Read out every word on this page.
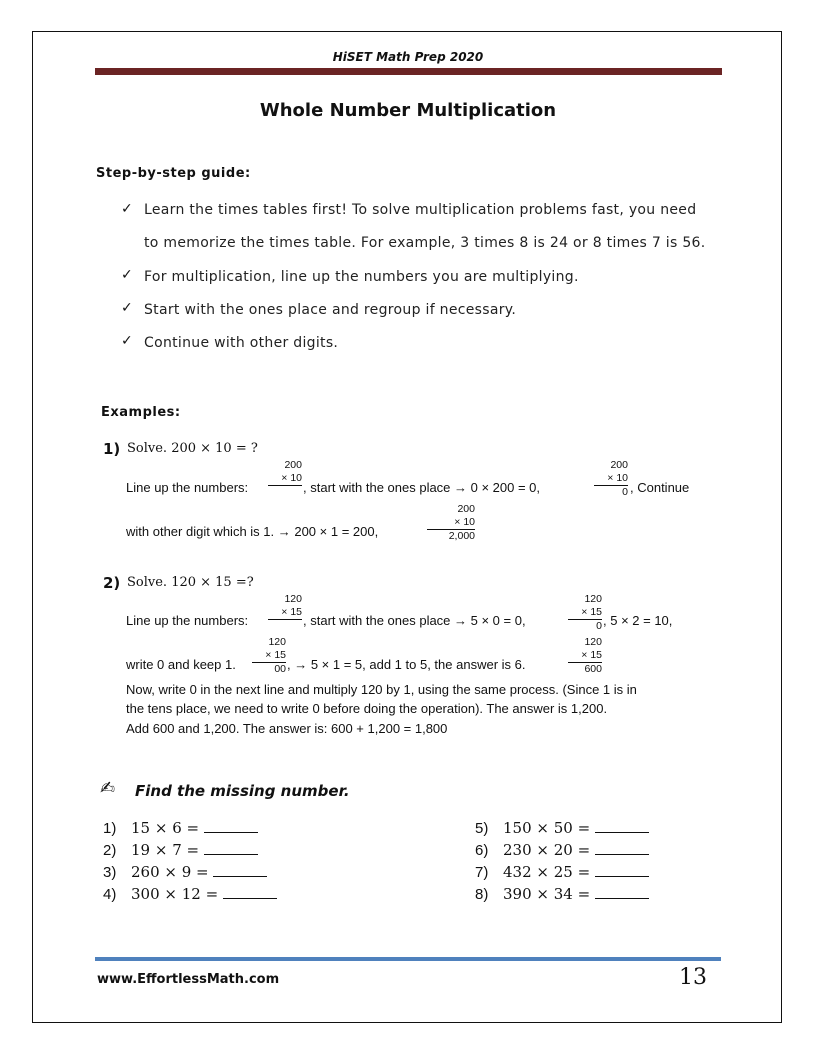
HiSET Math Prep 2020
Whole Number Multiplication
Step-by-step guide:
✓ Learn the times tables first! To solve multiplication problems fast, you need
to memorize the times table. For example, 3 times 8 is 24 or 8 times 7 is 56.
✓ For multiplication, line up the numbers you are multiplying.
✓ Start with the ones place and regroup if necessary.
✓ Continue with other digits.
Examples:
1) Solve. 200 × 10 = ?
Line up the numbers:
200
× 10
, start with the ones place → 0 × 200 = 0,
200
× 10
0 , Continue
with other digit which is 1. → 200 × 1 = 200,
200
× 10
2,000
2) Solve. 120 × 15 =?
Line up the numbers:
120
× 15
, start with the ones place → 5 × 0 = 0,
120
× 15
0 , 5 × 2 = 10,
write 0 and keep 1.
120
× 15
00 , → 5 × 1 = 5, add 1 to 5, the answer is 6.
120
× 15
600
Now, write 0 in the next line and multiply 120 by 1, using the same process. (Since 1 is in
the tens place, we need to write 0 before doing the operation). The answer is 1,200.
Add 600 and 1,200. The answer is: 600 + 1,200 = 1,800
✍ Find the missing number.
1) 15 × 6 =
2) 19 × 7 =
3) 260 × 9 =
4) 300 × 12 =
5) 150 × 50 =
6) 230 × 20 =
7) 432 × 25 =
8) 390 × 34 =
www.EffortlessMath.com	13
